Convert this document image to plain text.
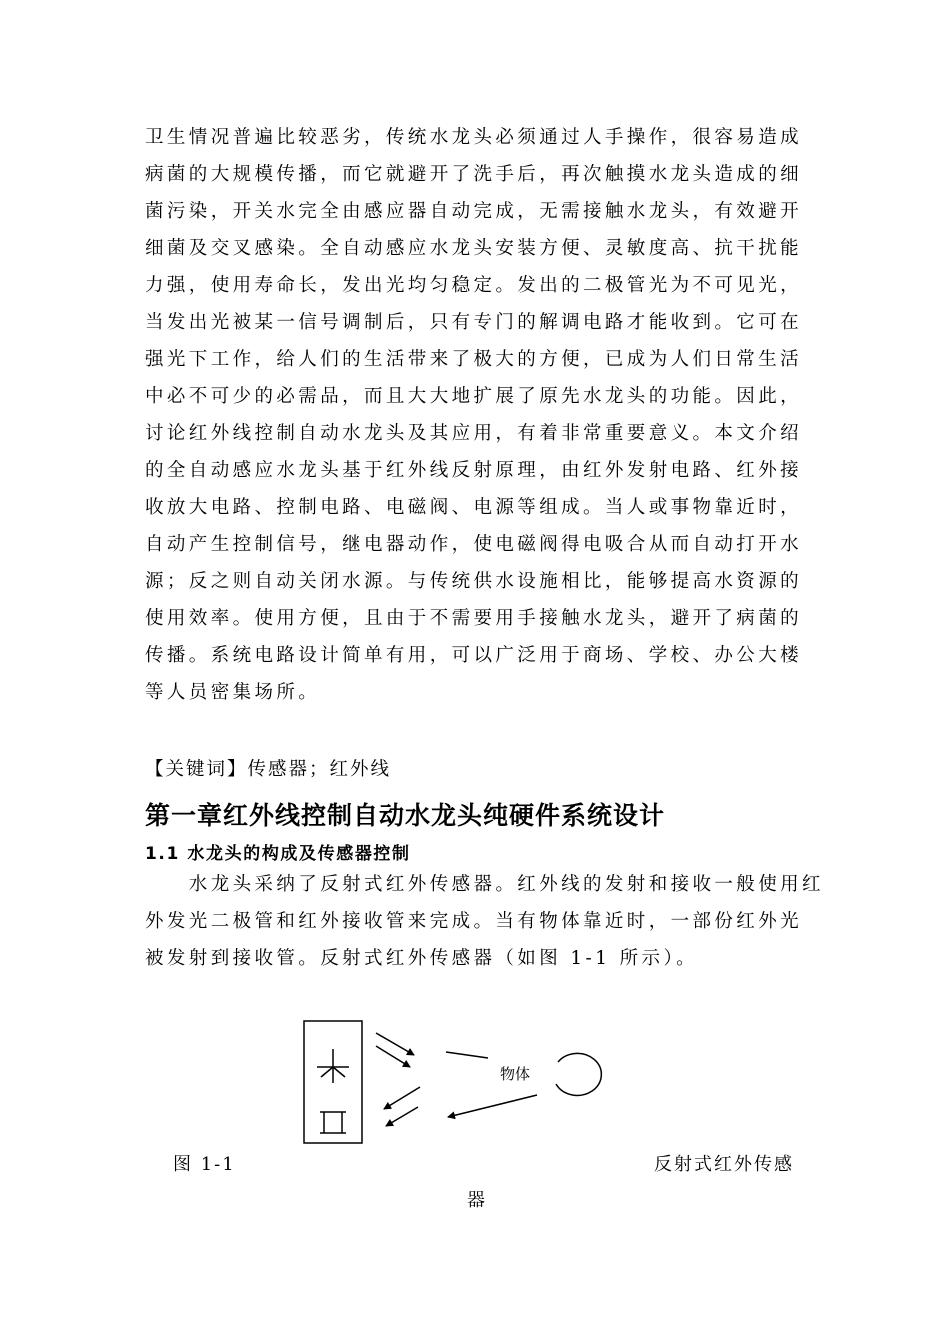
卫生情况普遍比较恶劣，传统水龙头必须通过人手操作，很容易造成
病菌的大规模传播，而它就避开了洗手后，再次触摸水龙头造成的细
菌污染，开关水完全由感应器自动完成，无需接触水龙头，有效避开
细菌及交叉感染。全自动感应水龙头安装方便、灵敏度高、抗干扰能
力强，使用寿命长，发出光均匀稳定。发出的二极管光为不可见光，
当发出光被某一信号调制后，只有专门的解调电路才能收到。它可在
强光下工作，给人们的生活带来了极大的方便，已成为人们日常生活
中必不可少的必需品，而且大大地扩展了原先水龙头的功能。因此，
讨论红外线控制自动水龙头及其应用，有着非常重要意义。本文介绍
的全自动感应水龙头基于红外线反射原理，由红外发射电路、红外接
收放大电路、控制电路、电磁阀、电源等组成。当人或事物靠近时，
自动产生控制信号，继电器动作，使电磁阀得电吸合从而自动打开水
源；反之则自动关闭水源。与传统供水设施相比，能够提高水资源的
使用效率。使用方便，且由于不需要用手接触水龙头，避开了病菌的
传播。系统电路设计简单有用，可以广泛用于商场、学校、办公大楼
等人员密集场所。
【关键词】传感器；红外线
第一章红外线控制自动水龙头纯硬件系统设计
1.1 水龙头的构成及传感器控制
　　水龙头采纳了反射式红外传感器。红外线的发射和接收一般使用红
外发光二极管和红外接收管来完成。当有物体靠近时，一部份红外光
被发射到接收管。反射式红外传感器（如图 1-1 所示）。
物体
图 1-1	反射式红外传感
器
